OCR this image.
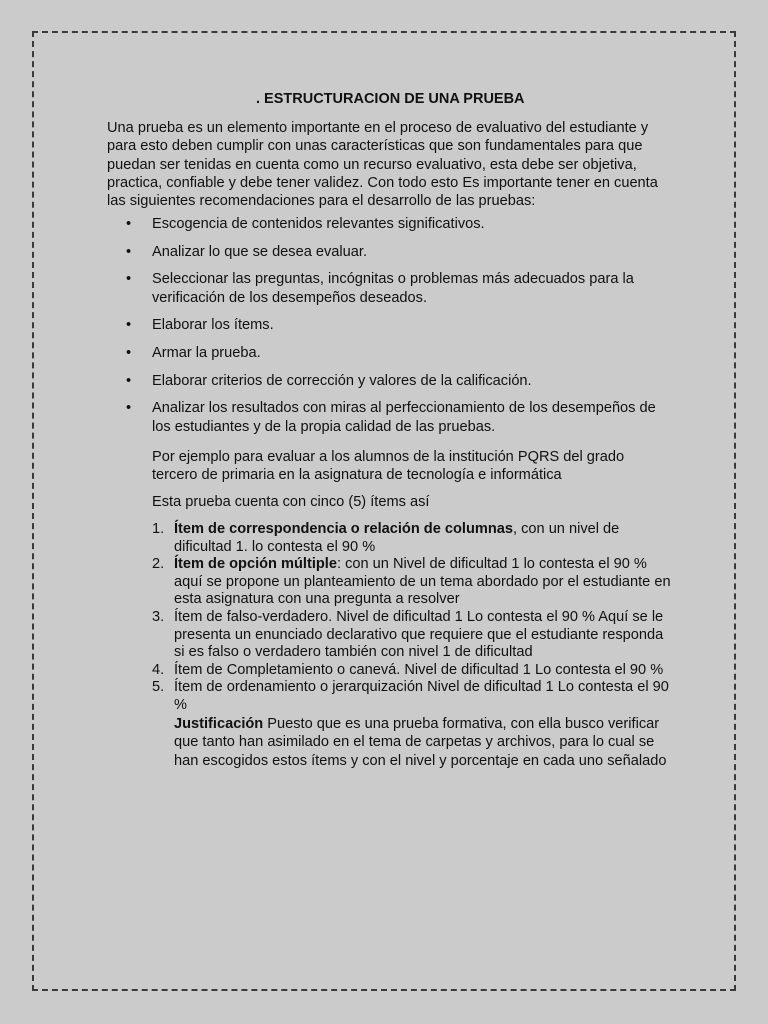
. ESTRUCTURACION DE UNA PRUEBA

Una prueba es un elemento importante en el proceso de evaluativo del estudiante y para esto deben cumplir con unas características que son fundamentales para que puedan ser tenidas en cuenta como un recurso evaluativo, esta debe ser objetiva, practica, confiable y debe tener validez. Con todo esto Es importante tener en cuenta las siguientes recomendaciones para el desarrollo de las pruebas:

• Escogencia de contenidos relevantes significativos.
• Analizar lo que se desea evaluar.
• Seleccionar las preguntas, incógnitas o problemas más adecuados para la verificación de los desempeños deseados.
• Elaborar los ítems.
• Armar la prueba.
• Elaborar criterios de corrección y valores de la calificación.
• Analizar los resultados con miras al perfeccionamiento de los desempeños de los estudiantes y de la propia calidad de las pruebas.

Por ejemplo para evaluar a los alumnos de la institución PQRS del grado tercero de primaria en la asignatura de tecnología e informática

Esta prueba cuenta con cinco (5) ítems así

1. Ítem de correspondencia o relación de columnas, con un nivel de dificultad 1. lo contesta el 90 %
2. Ítem de opción múltiple: con un Nivel de dificultad 1 lo contesta el 90 % aquí se propone un planteamiento de un tema abordado por el estudiante en esta asignatura con una pregunta a resolver
3. Ítem de falso-verdadero. Nivel de dificultad 1 Lo contesta el 90 % Aquí se le presenta un enunciado declarativo que requiere que el estudiante responda si es falso o verdadero también con nivel 1 de dificultad
4. Ítem de Completamiento o canevá. Nivel de dificultad 1 Lo contesta el 90 %
5. Ítem de ordenamiento o jerarquización Nivel de dificultad 1 Lo contesta el 90 %

Justificación Puesto que es una prueba formativa, con ella busco verificar que tanto han asimilado en el tema de carpetas y archivos, para lo cual se han escogidos estos ítems y con el nivel y porcentaje en cada uno señalado
